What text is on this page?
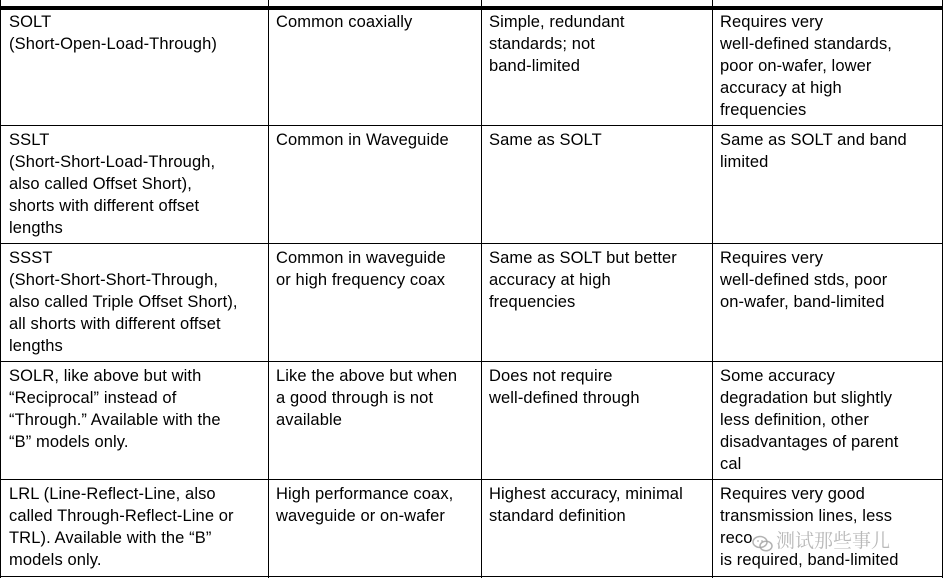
SOLT
(Short-Open-Load-Through)
Common coaxially	Simple, redundant
standards; not
band-limited
Requires very
well-defined standards,
poor on-wafer, lower
accuracy at high
frequencies
SSLT
(Short-Short-Load-Through,
also called Offset Short),
shorts with different offset
lengths
Common in Waveguide Same as SOLT	Same as SOLT and band
limited
SSST
(Short-Short-Short-Through,
also called Triple Offset Short),
all shorts with different offset
lengths
Common in waveguide
or high frequency coax
Same as SOLT but better
accuracy at high
frequencies
Requires very
well-defined stds, poor
on-wafer, band-limited
SOLR, like above but with
“Reciprocal” instead of
“Through.” Available with the
“B” models only.
Like the above but when
a good through is not
available
Does not require
well-defined through
Some accuracy
degradation but slightly
less definition, other
disadvantages of parent
cal
LRL (Line-Reflect-Line, also
called Through-Reflect-Line or
TRL). Available with the “B”
models only.
High performance coax,
waveguide or on-wafer
Highest accuracy, minimal
standard definition
Requires very good
transmission lines, less
reco
is required, band-limited
测试那些事儿
